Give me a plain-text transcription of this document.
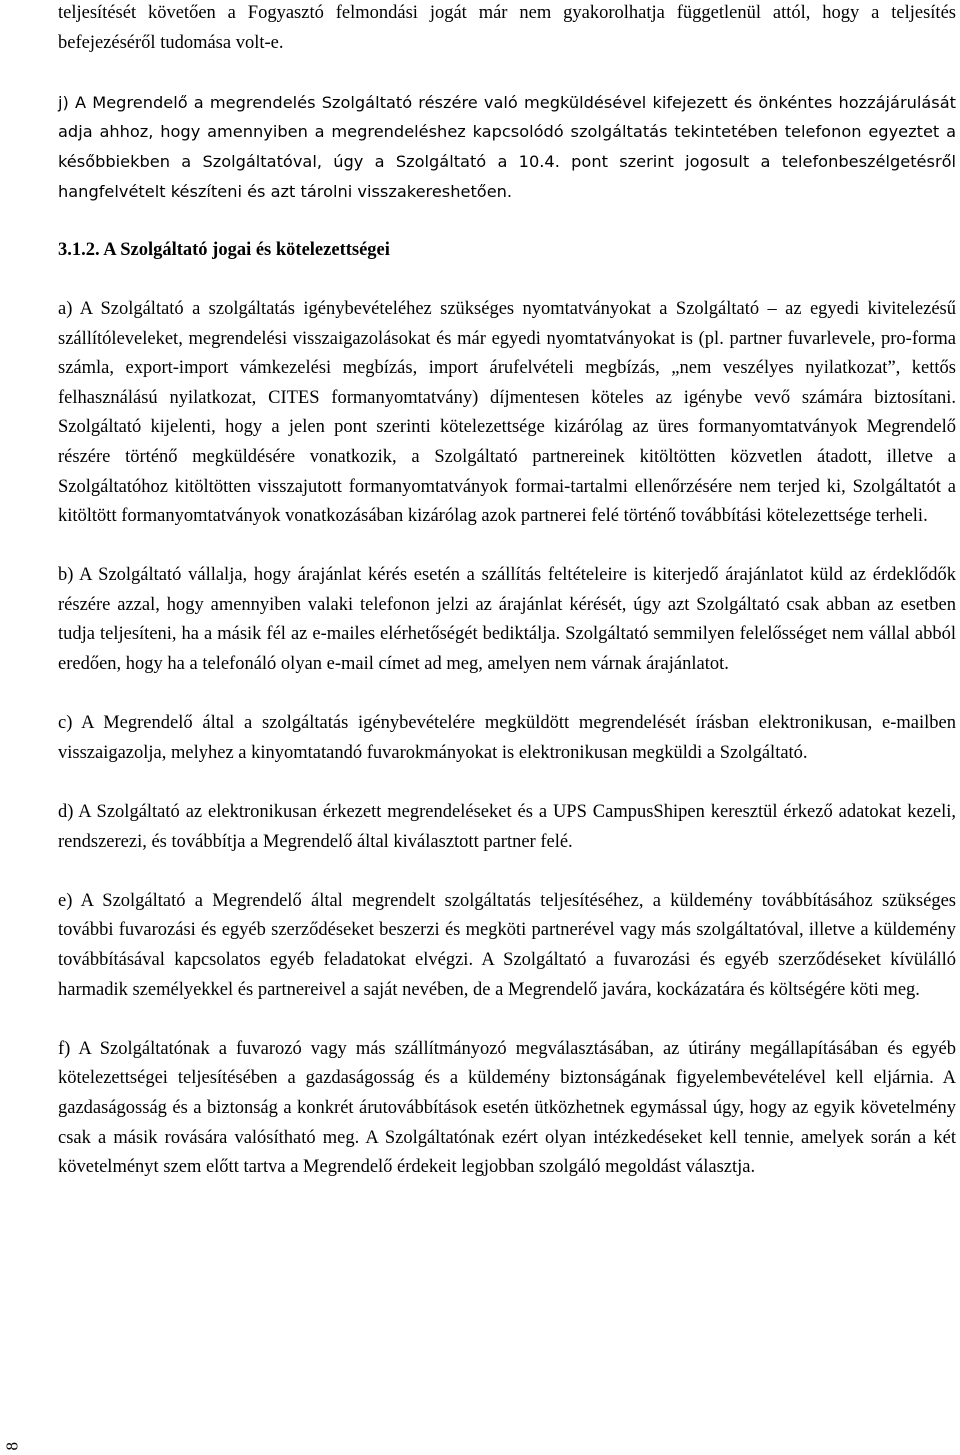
teljesítését követően a Fogyasztó felmondási jogát már nem gyakorolhatja függetlenül attól, hogy a teljesítés befejezéséről tudomása volt-e.

j) A Megrendelő a megrendelés Szolgáltató részére való megküldésével kifejezett és önkéntes hozzájárulását adja ahhoz, hogy amennyiben a megrendeléshez kapcsolódó szolgáltatás tekintetében telefonon egyeztet a későbbiekben a Szolgáltatóval, úgy a Szolgáltató a 10.4. pont szerint jogosult a telefonbeszélgetésről hangfelvételt készíteni és azt tárolni visszakereshetően.

3.1.2. A Szolgáltató jogai és kötelezettségei

a) A Szolgáltató a szolgáltatás igénybevételéhez szükséges nyomtatványokat a Szolgáltató – az egyedi kivitelezésű szállítóleveleket, megrendelési visszaigazolásokat és már egyedi nyomtatványokat is (pl. partner fuvarlevele, pro-forma számla, export-import vámkezelési megbízás, import árufelvételi megbízás, „nem veszélyes nyilatkozat”, kettős felhasználású nyilatkozat, CITES formanyomtatvány) díjmentesen köteles az igénybe vevő számára biztosítani. Szolgáltató kijelenti, hogy a jelen pont szerinti kötelezettsége kizárólag az üres formanyomtatványok Megrendelő részére történő megküldésére vonatkozik, a Szolgáltató partnereinek kitöltötten közvetlen átadott, illetve a Szolgáltatóhoz kitöltötten visszajutott formanyomtatványok formai-tartalmi ellenőrzésére nem terjed ki, Szolgáltatót a kitöltött formanyomtatványok vonatkozásában kizárólag azok partnerei felé történő továbbítási kötelezettsége terheli.

b) A Szolgáltató vállalja, hogy árajánlat kérés esetén a szállítás feltételeire is kiterjedő árajánlatot küld az érdeklődők részére azzal, hogy amennyiben valaki telefonon jelzi az árajánlat kérését, úgy azt Szolgáltató csak abban az esetben tudja teljesíteni, ha a másik fél az e-mailes elérhetőségét bediktálja. Szolgáltató semmilyen felelősséget nem vállal abból eredően, hogy ha a telefonáló olyan e-mail címet ad meg, amelyen nem várnak árajánlatot.

c) A Megrendelő által a szolgáltatás igénybevételére megküldött megrendelését írásban elektronikusan, e-mailben visszaigazolja, melyhez a kinyomtatandó fuvarokmányokat is elektronikusan megküldi a Szolgáltató.

d) A Szolgáltató az elektronikusan érkezett megrendeléseket és a UPS CampusShipen keresztül érkező adatokat kezeli, rendszerezi, és továbbítja a Megrendelő által kiválasztott partner felé.

e) A Szolgáltató a Megrendelő által megrendelt szolgáltatás teljesítéséhez, a küldemény továbbításához szükséges további fuvarozási és egyéb szerződéseket beszerzi és megköti partnerével vagy más szolgáltatóval, illetve a küldemény továbbításával kapcsolatos egyéb feladatokat elvégzi. A Szolgáltató a fuvarozási és egyéb szerződéseket kívülálló harmadik személyekkel és partnereivel a saját nevében, de a Megrendelő javára, kockázatára és költségére köti meg.

f) A Szolgáltatónak a fuvarozó vagy más szállítmányozó megválasztásában, az útirány megállapításában és egyéb kötelezettségei teljesítésében a gazdaságosság és a küldemény biztonságának figyelembevételével kell eljárnia. A gazdaságosság és a biztonság a konkrét árutovábbítások esetén ütközhetnek egymással úgy, hogy az egyik követelmény csak a másik rovására valósítható meg. A Szolgáltatónak ezért olyan intézkedéseket kell tennie, amelyek során a két követelményt szem előtt tartva a Megrendelő érdekeit legjobban szolgáló megoldást választja.

8
